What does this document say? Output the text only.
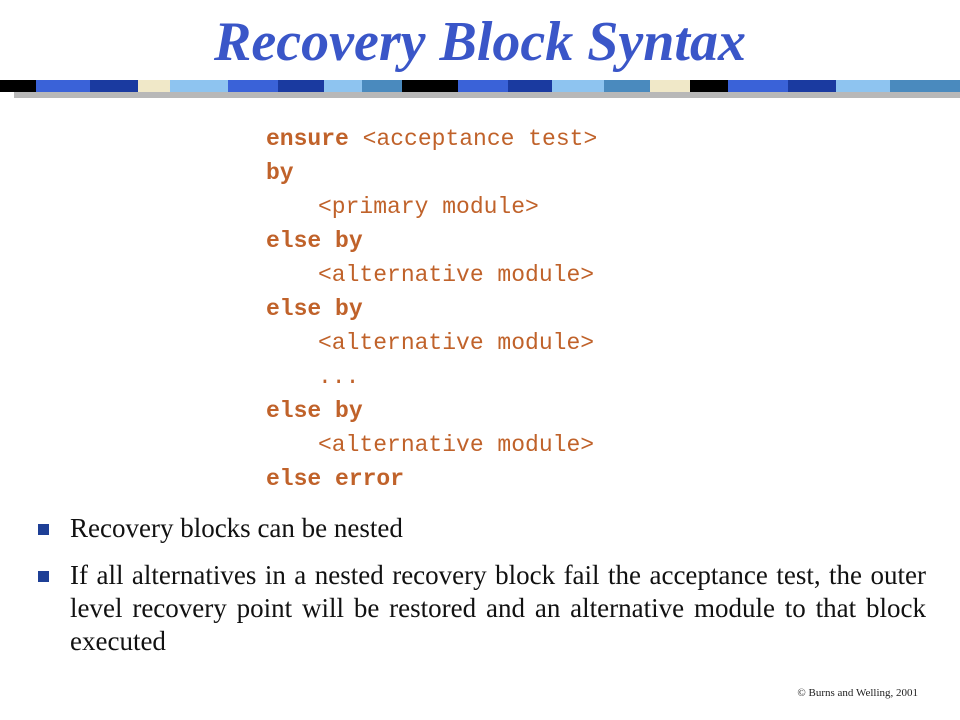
Recovery Block Syntax
ensure <acceptance test>
by
<primary module>
else by
<alternative module>
else by
<alternative module>
...
else by
<alternative module>
else error
Recovery blocks can be nested
If all alternatives in a nested recovery block fail the acceptance test, the outer level recovery point will be restored and an alternative module to that block executed
© Burns and Welling, 2001
